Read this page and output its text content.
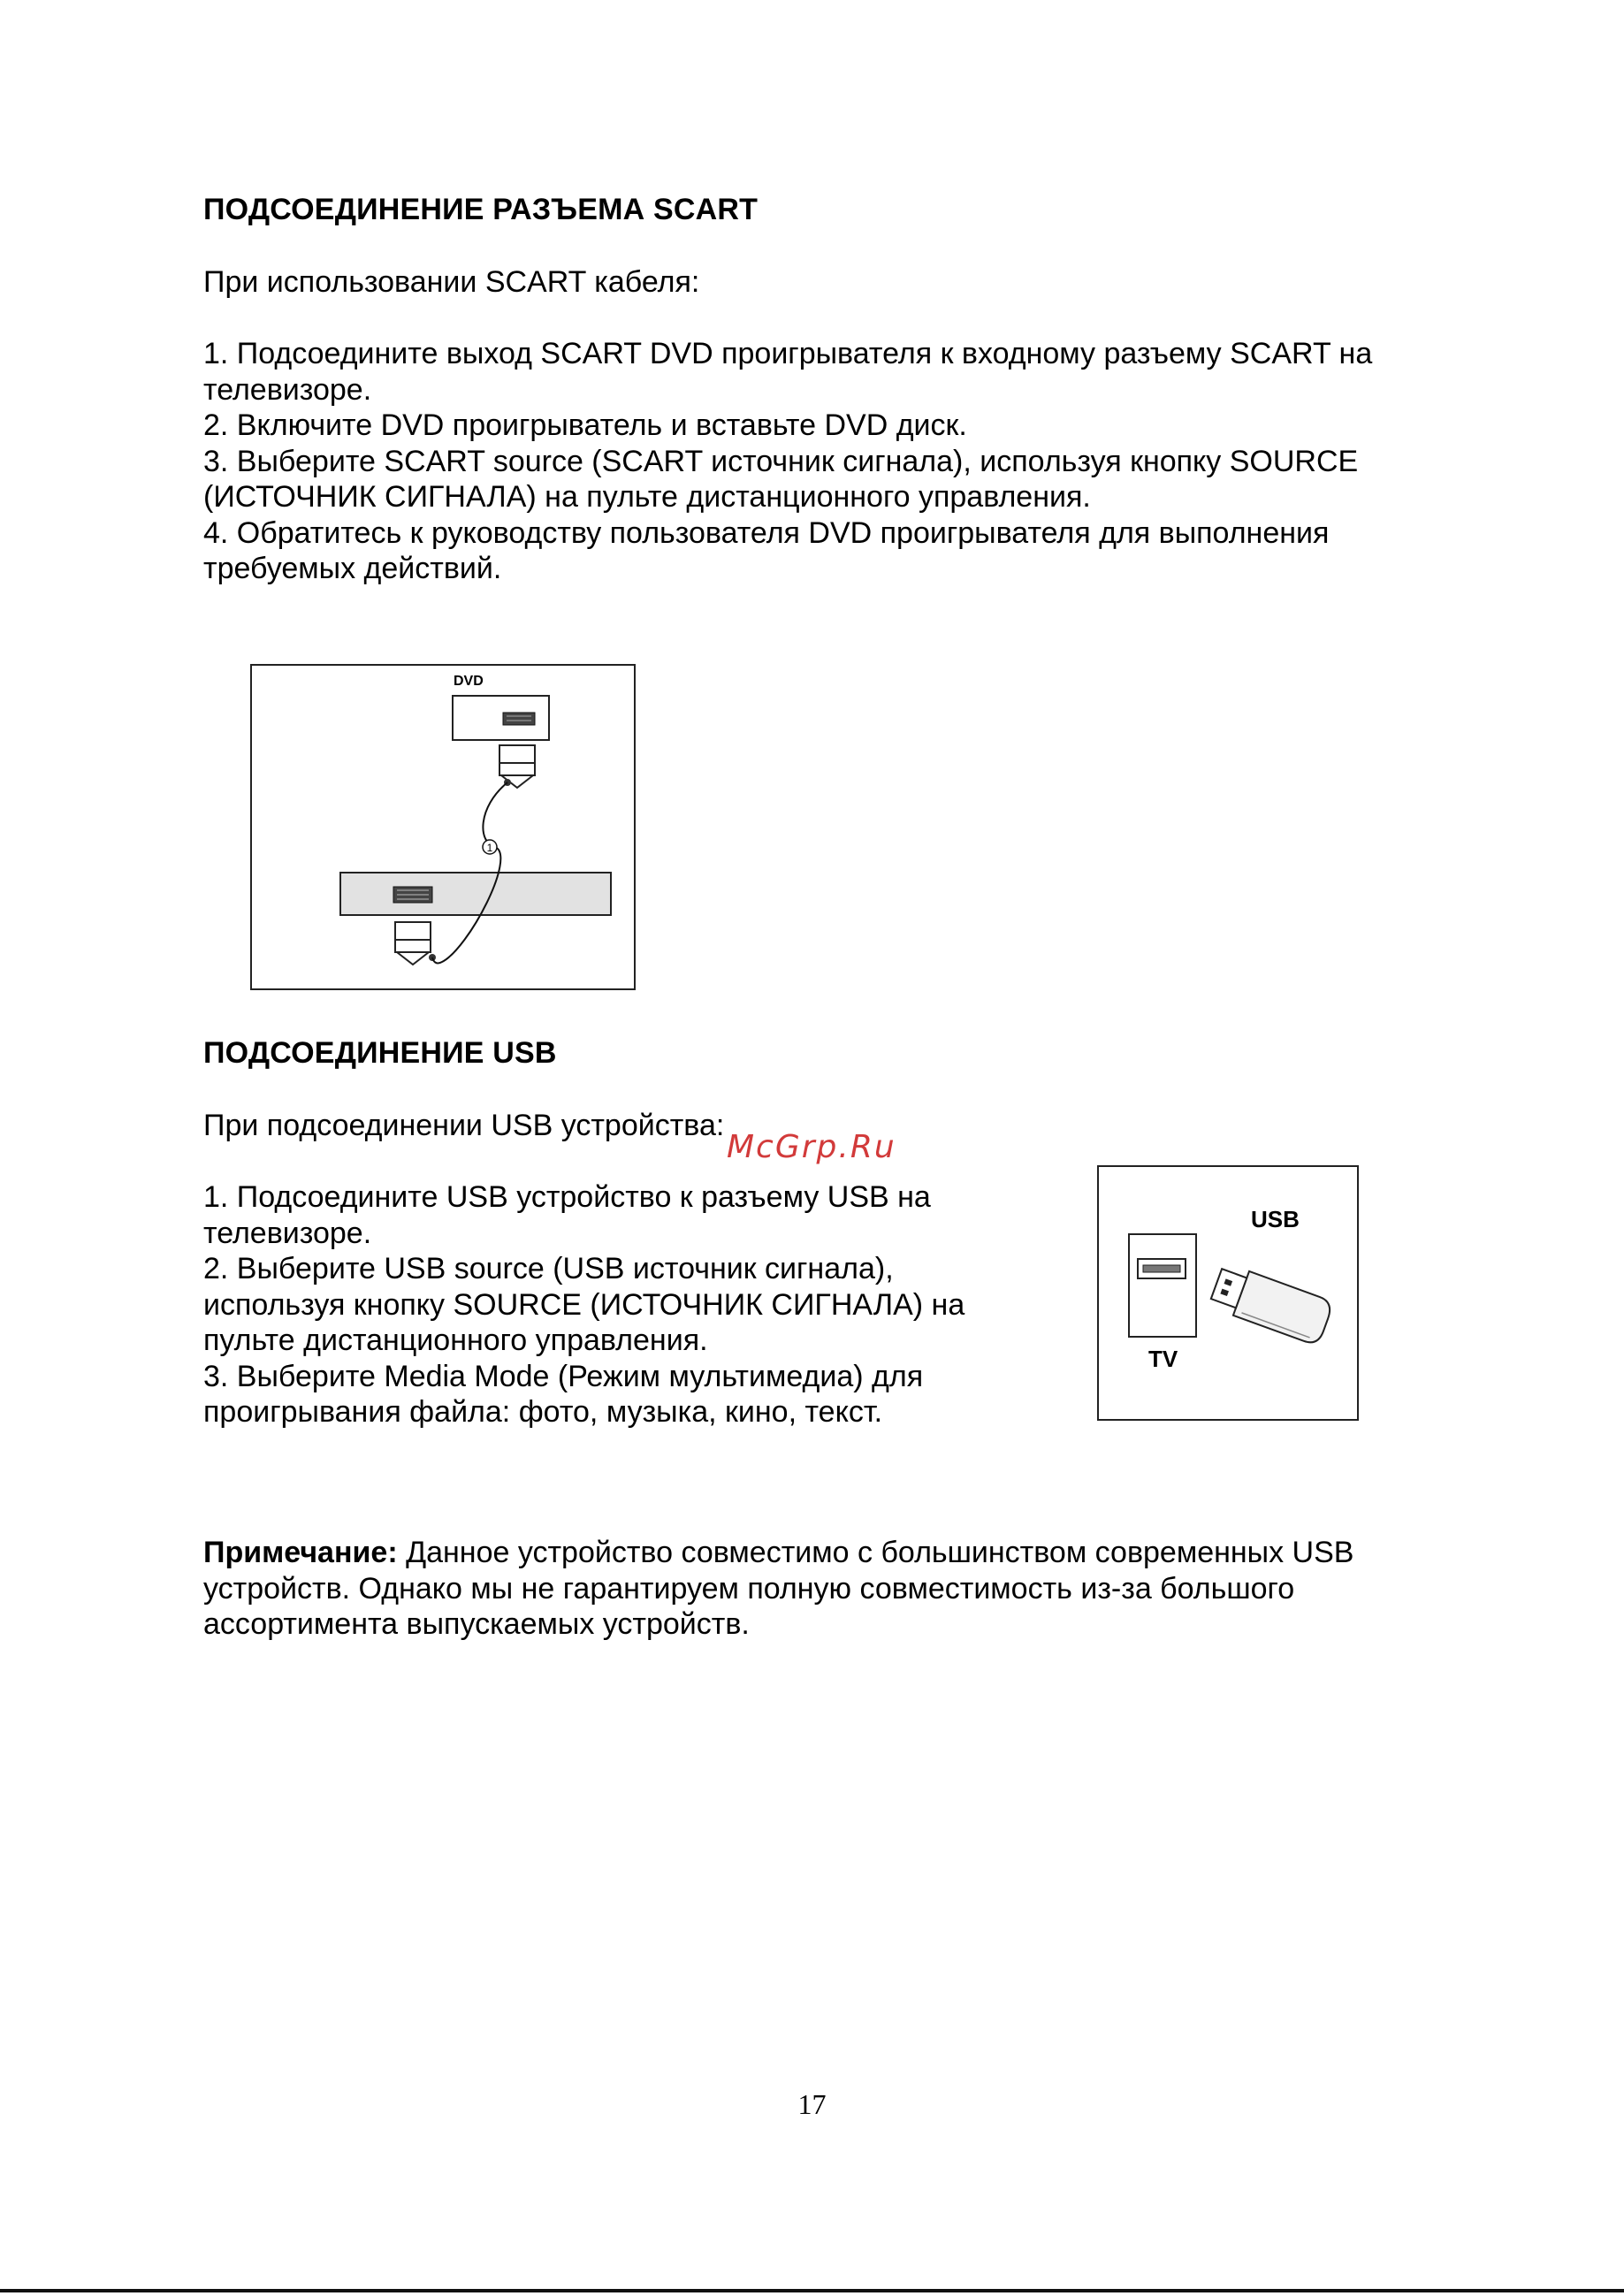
ПОДСОЕДИНЕНИЕ РАЗЪЕМА SCART
При использовании SCART кабеля:
1. Подсоедините выход SCART DVD проигрывателя к входному разъему SCART на
телевизоре.
2. Включите DVD проигрыватель и вставьте DVD диск.
3. Выберите SCART source (SCART источник сигнала), используя кнопку SOURCE
(ИСТОЧНИК СИГНАЛА) на пульте дистанционного управления.
4. Обратитесь к руководству пользователя DVD проигрывателя для выполнения
требуемых действий.
DVD
1
ПОДСОЕДИНЕНИЕ USB
При подсоединении USB устройства:
1. Подсоедините USB устройство к разъему USB на
телевизоре.
2. Выберите USB source (USB источник сигнала),
используя кнопку SOURCE (ИСТОЧНИК СИГНАЛА) на
пульте дистанционного управления.
3. Выберите Media Mode (Режим мультимедиа) для
проигрывания файла: фото, музыка, кино, текст.
USB
TV
Примечание: Данное устройство совместимо с большинством современных USB
устройств. Однако мы не гарантируем полную совместимость из-за большого
ассортимента выпускаемых устройств.
McGrp.Ru
17
